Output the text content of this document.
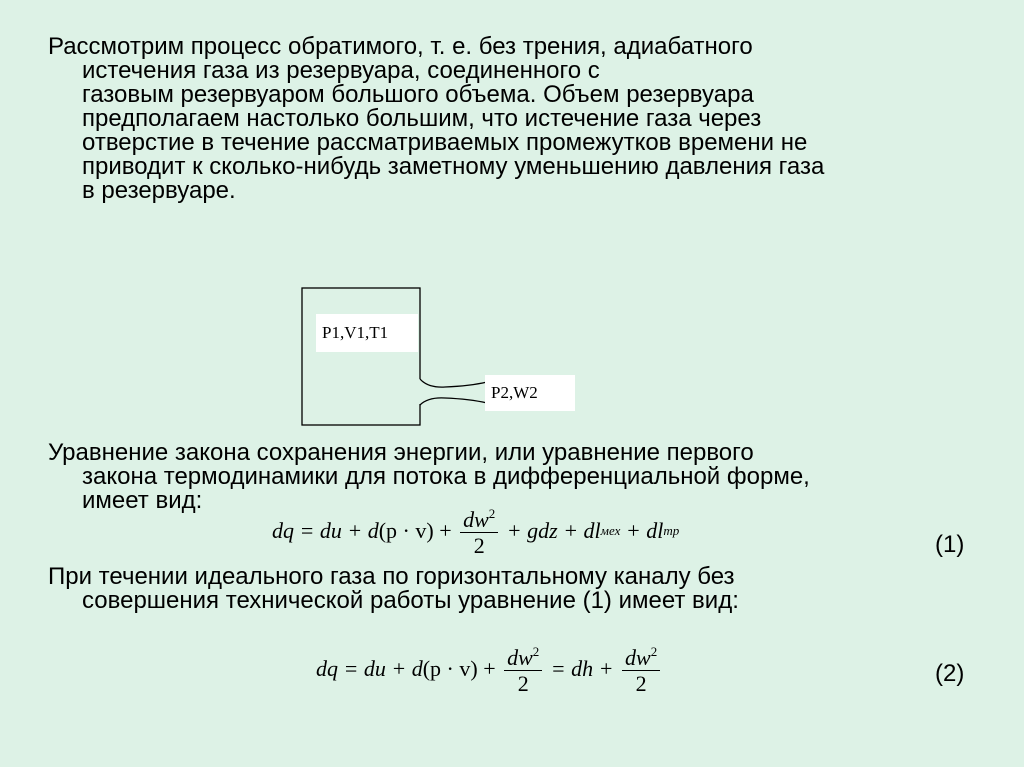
Рассмотрим процесс обратимого, т. е. без трения, адиабатного
истечения газа из резервуара, соединенного с
газовым резервуаром большого объема. Объем резервуара
предполагаем настолько большим, что истечение газа через
отверстие в течение рассматриваемых промежутков времени не
приводит к сколько-нибудь заметному уменьшению давления газа
в резервуаре.
P1,V1,T1
P2,W2
Уравнение закона сохранения энергии, или уравнение первого
закона термодинамики для потока в дифференциальной форме,
имеет вид:
dq = du + d (p · v)
+
$\frac{dw^2}{2}$
+ gdz + dl мех
+ dl тр
(1)
При течении идеального газа по горизонтальному каналу без
совершения технической работы уравнение (1) имеет вид:
dq = du + d (p · v)
+
$\frac{dw^2}{2}$
= dh +
$\frac{dw^2}{2}$	(2)
